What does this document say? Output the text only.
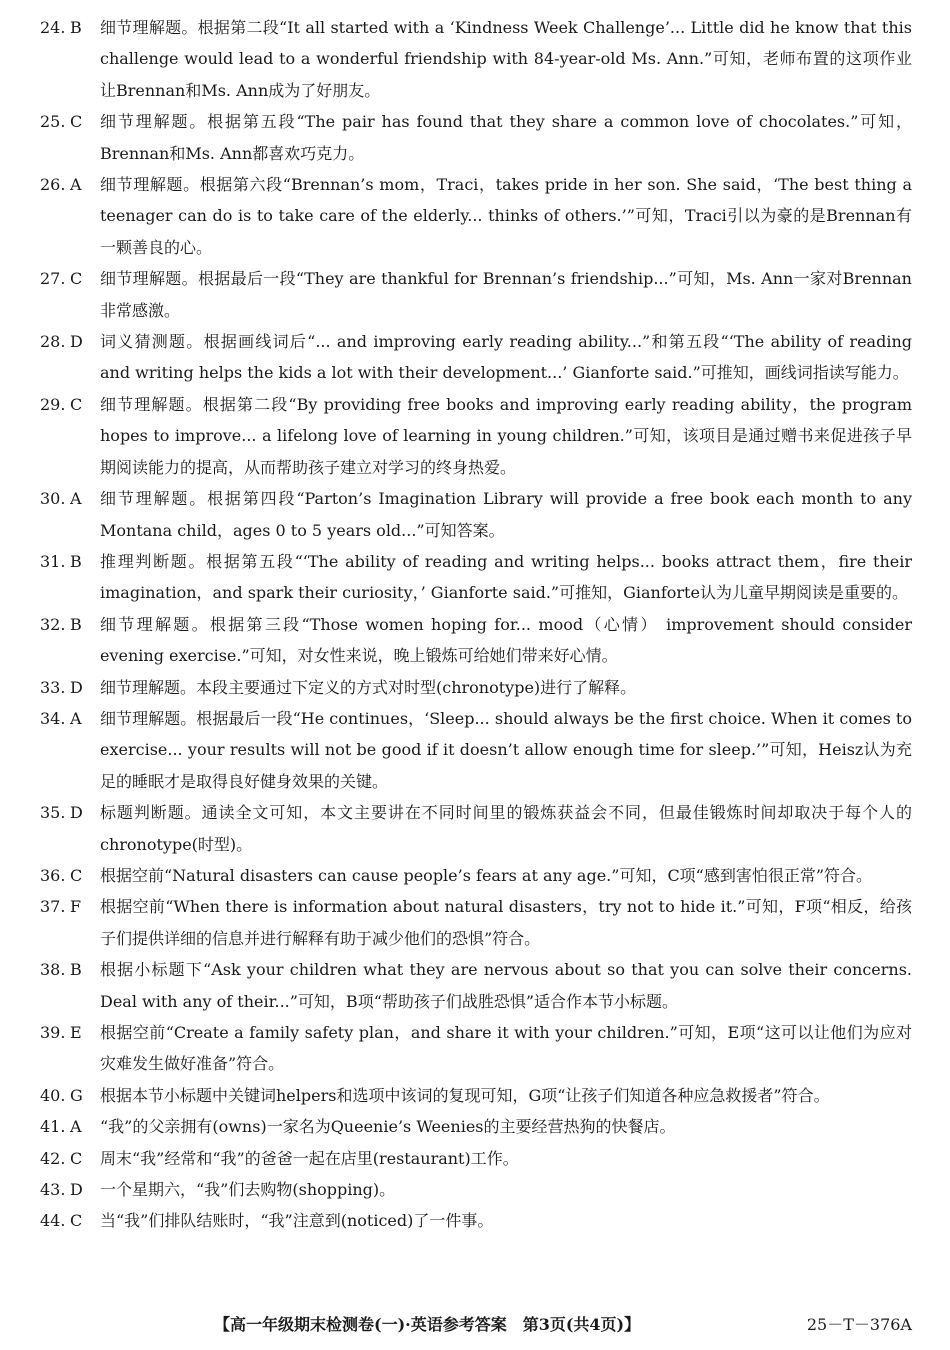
24. B	细节理解题。根据第二段“It all started with a ‘Kindness Week Challenge’... Little did he know that this challenge would lead to a wonderful friendship with 84-year-old Ms. Ann.”可知，老师布置的这项作业让Brennan和Ms. Ann成为了好朋友。
25. C	细节理解题。根据第五段“The pair has found that they share a common love of chocolates.”可知，Brennan和Ms. Ann都喜欢巧克力。
26. A	细节理解题。根据第六段“Brennan’s mom，Traci，takes pride in her son. She said，‘The best thing a teenager can do is to take care of the elderly... thinks of others.’”可知，Traci引以为豪的是Brennan有一颗善良的心。
27. C	细节理解题。根据最后一段“They are thankful for Brennan’s friendship...”可知，Ms. Ann一家对Brennan非常感激。
28. D	词义猜测题。根据画线词后“... and improving early reading ability...”和第五段“‘The ability of reading and writing helps the kids a lot with their development...’ Gianforte said.”可推知，画线词指读写能力。
29. C	细节理解题。根据第二段“By providing free books and improving early reading ability，the program hopes to improve... a lifelong love of learning in young children.”可知，该项目是通过赠书来促进孩子早期阅读能力的提高，从而帮助孩子建立对学习的终身热爱。
30. A	细节理解题。根据第四段“Parton’s Imagination Library will provide a free book each month to any Montana child，ages 0 to 5 years old...”可知答案。
31. B	推理判断题。根据第五段“‘The ability of reading and writing helps... books attract them，fire their imagination，and spark their curiosity，’ Gianforte said.”可推知，Gianforte认为儿童早期阅读是重要的。
32. B	细节理解题。根据第三段“Those women hoping for... mood（心情） improvement should consider evening exercise.”可知，对女性来说，晚上锻炼可给她们带来好心情。
33. D	细节理解题。本段主要通过下定义的方式对时型(chronotype)进行了解释。
34. A	细节理解题。根据最后一段“He continues，‘Sleep... should always be the first choice. When it comes to exercise... your results will not be good if it doesn’t allow enough time for sleep.’”可知，Heisz认为充足的睡眠才是取得良好健身效果的关键。
35. D	标题判断题。通读全文可知，本文主要讲在不同时间里的锻炼获益会不同，但最佳锻炼时间却取决于每个人的chronotype(时型)。
36. C	根据空前“Natural disasters can cause people’s fears at any age.”可知，C项“感到害怕很正常”符合。
37. F	根据空前“When there is information about natural disasters，try not to hide it.”可知，F项“相反，给孩子们提供详细的信息并进行解释有助于减少他们的恐惧”符合。
38. B	根据小标题下“Ask your children what they are nervous about so that you can solve their concerns. Deal with any of their...”可知，B项“帮助孩子们战胜恐惧”适合作本节小标题。
39. E	根据空前“Create a family safety plan，and share it with your children.”可知，E项“这可以让他们为应对灾难发生做好准备”符合。
40. G	根据本节小标题中关键词helpers和选项中该词的复现可知，G项“让孩子们知道各种应急救援者”符合。
41. A	“我”的父亲拥有(owns)一家名为Queenie’s Weenies的主要经营热狗的快餐店。
42. C	周末“我”经常和“我”的爸爸一起在店里(restaurant)工作。
43. D	一个星期六，“我”们去购物(shopping)。
44. C	当“我”们排队结账时，“我”注意到(noticed)了一件事。
【高一年级期末检测卷(一)·英语参考答案　第3页(共4页)】	25－T－376A
